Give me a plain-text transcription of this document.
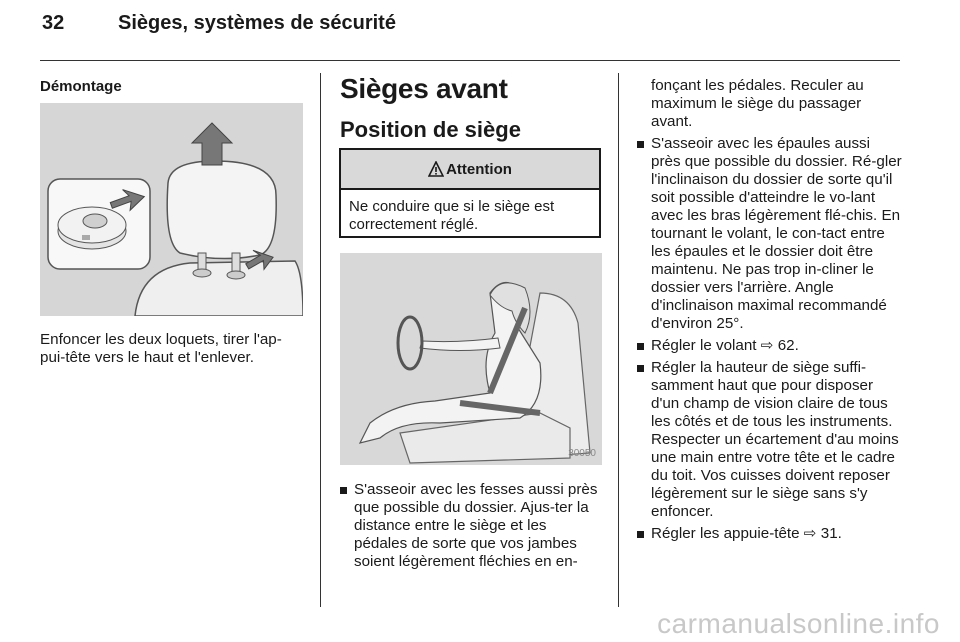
32	Sièges, systèmes de sécurité
Démontage

Enfoncer les deux loquets, tirer l'ap-pui-tête vers le haut et l'enlever.

Sièges avant
Position de siège
Attention
Ne conduire que si le siège est correctement réglé.
30050
S'asseoir avec les fesses aussi près que possible du dossier. Ajus-ter la distance entre le siège et les pédales de sorte que vos jambes soient légèrement fléchies en en-
fonçant les pédales. Reculer au maximum le siège du passager avant.
S'asseoir avec les épaules aussi près que possible du dossier. Ré-gler l'inclinaison du dossier de sorte qu'il soit possible d'atteindre le vo-lant avec les bras légèrement flé-chis. En tournant le volant, le con-tact entre les épaules et le dossier doit être maintenu. Ne pas trop in-cliner le dossier vers l'arrière. Angle d'inclinaison maximal recommandé d'environ 25°.
Régler le volant ⇨ 62.
Régler la hauteur de siège suffi-samment haut que pour disposer d'un champ de vision claire de tous les côtés et de tous les instruments. Respecter un écartement d'au moins une main entre votre tête et le cadre du toit. Vos cuisses doivent reposer légèrement sur le siège sans s'y enfoncer.
Régler les appuie-tête ⇨ 31.
carmanualsonline.info
